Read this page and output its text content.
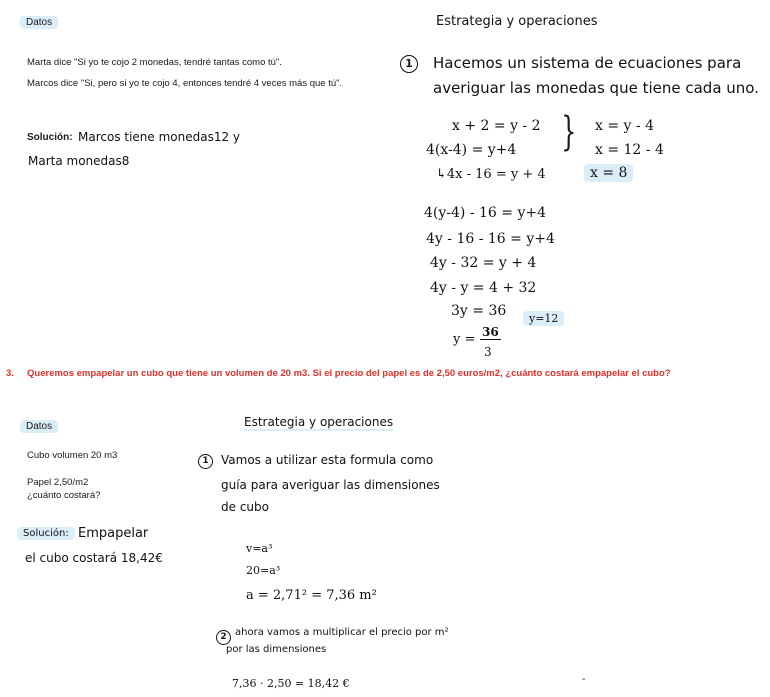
Datos
Marta dice "Si yo te cojo 2 monedas, tendré tantas como tú".
Marcos dice "Si, pero si yo te cojo 4, entonces tendré 4 veces más que tú".
Solución: Marcos tiene monedas12 y
Marta monedas8
Estrategia y operaciones
1	Hacemos un sistema de ecuaciones para
averiguar las monedas que tiene cada uno.
x + 2 = y - 2
4(x-4) = y+4
↳4x - 16 = y + 4
} x = y - 4
x = 12 - 4
x = 8
4(y-4) - 16 = y+4
4y - 16 - 16 = y+4
4y - 32 = y + 4
4y - y = 4 + 32
3y = 36
y = 36
3
y=12
3. Queremos empapelar un cubo que tiene un volumen de 20 m3. Si el precio del papel es de 2,50 euros/m2, ¿cuánto costará empapelar el cubo?
Datos
Cubo volumen 20 m3
Papel 2,50/m2
¿cuánto costará?
Solución: Empapelar
el cubo costará 18,42€
Estrategia y operaciones
1	Vamos a utilizar esta formula como
guía para averiguar las dimensiones
de cubo
v=a³
20=a³
a = 2,71² = 7,36 m²
2 ahora vamos a multiplicar el precio por m²
por las dimensiones
7,36 · 2,50 = 18,42 €	-
